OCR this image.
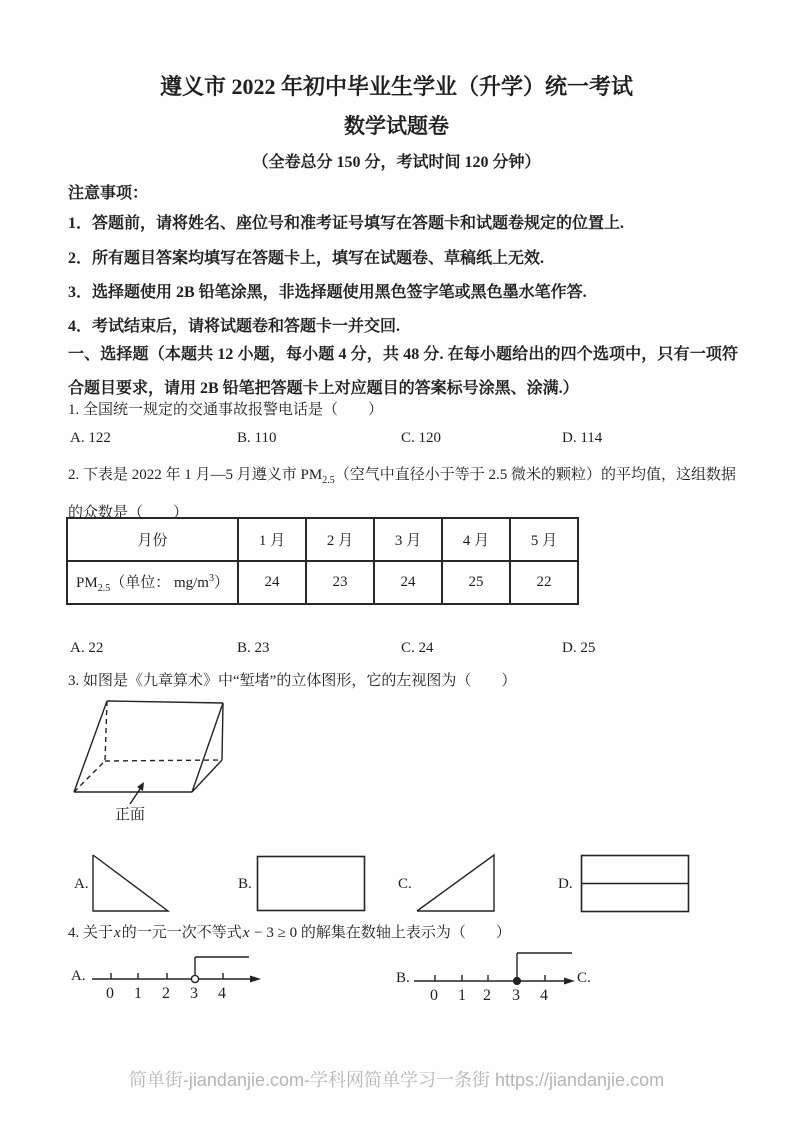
遵义市 2022 年初中毕业生学业（升学）统一考试
数学试题卷
（全卷总分 150 分，考试时间 120 分钟）
注意事项：
1．答题前，请将姓名、座位号和准考证号填写在答题卡和试题卷规定的位置上.
2．所有题目答案均填写在答题卡上，填写在试题卷、草稿纸上无效.
3．选择题使用 2B 铅笔涂黑，非选择题使用黑色签字笔或黑色墨水笔作答.
4．考试结束后，请将试题卷和答题卡一并交回.
一、选择题（本题共 12 小题，每小题 4 分，共 48 分. 在每小题给出的四个选项中，只有一项符合题目要求，请用 2B 铅笔把答题卡上对应题目的答案标号涂黑、涂满.）
1. 全国统一规定的交通事故报警电话是（　　）
A. 122	B. 110	C. 120	D. 114
2. 下表是 2022 年 1 月—5 月遵义市 $PM_{2.5}$（空气中直径小于等于 2.5 微米的颗粒）的平均值，这组数据的众数是（　　）
月份	1 月	2 月	3 月	4 月	5 月
$PM_{2.5}$（单位： $mg/m^3$）	24	23	24	25	22
A. 22	B. 23	C. 24	D. 25
3. 如图是《九章算术》中“堑堵”的立体图形，它的左视图为（　　）
正面
A.	B.	C.	D.
4. 关于x的一元一次不等式x − 3 ≥ 0 的解集在数轴上表示为（　　）
A.
0 1 2 3 4
B.
0 1 2 3 4
C.
简单街-jiandanjie.com-学科网简单学习一条街 https://jiandanjie.com
